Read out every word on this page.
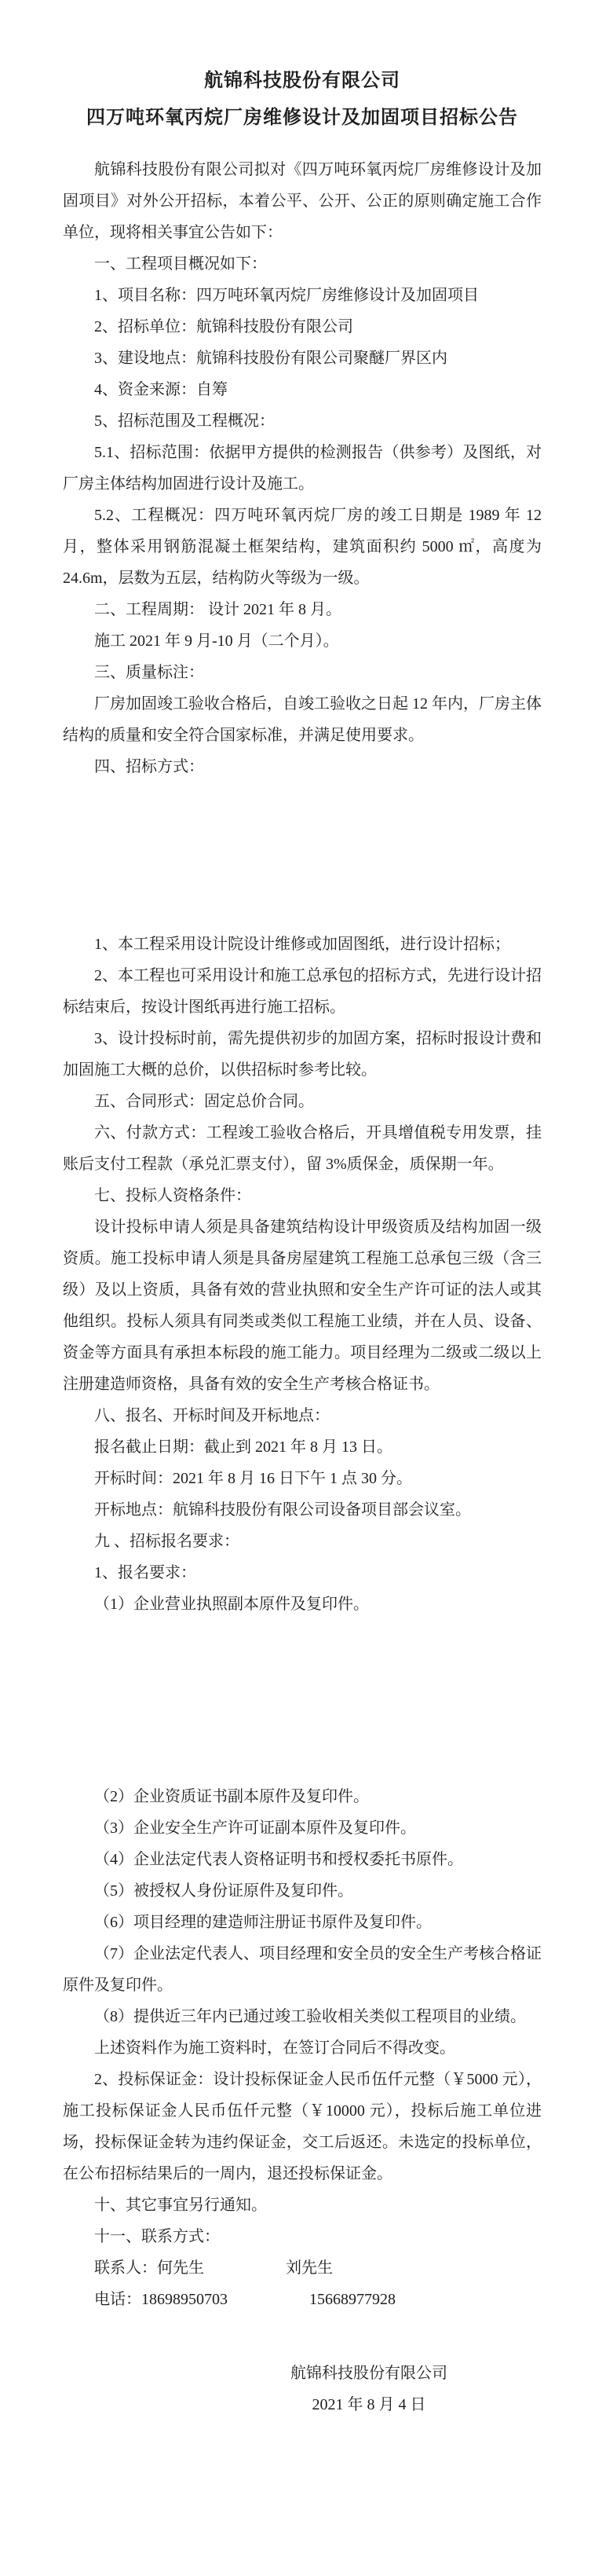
航锦科技股份有限公司
四万吨环氧丙烷厂房维修设计及加固项目招标公告

航锦科技股份有限公司拟对《四万吨环氧丙烷厂房维修设计及加固项目》对外公开招标，本着公平、公开、公正的原则确定施工合作单位，现将相关事宜公告如下：

一、工程项目概况如下：

1、项目名称：四万吨环氧丙烷厂房维修设计及加固项目

2、招标单位：航锦科技股份有限公司

3、建设地点：航锦科技股份有限公司聚醚厂界区内

4、资金来源：自筹

5、招标范围及工程概况：

5.1、招标范围：依据甲方提供的检测报告（供参考）及图纸，对厂房主体结构加固进行设计及施工。

5.2、工程概况：四万吨环氧丙烷厂房的竣工日期是 1989 年 12 月，整体采用钢筋混凝土框架结构，建筑面积约 5000 ㎡，高度为 24.6m，层数为五层，结构防火等级为一级。

二、工程周期： 设计 2021 年 8 月。

施工 2021 年 9 月-10 月（二个月）。

三、质量标注：

厂房加固竣工验收合格后，自竣工验收之日起 12 年内，厂房主体结构的质量和安全符合国家标准，并满足使用要求。

四、招标方式：

1、本工程采用设计院设计维修或加固图纸，进行设计招标；

2、本工程也可采用设计和施工总承包的招标方式，先进行设计招标结束后，按设计图纸再进行施工招标。

3、设计投标时前，需先提供初步的加固方案，招标时报设计费和加固施工大概的总价，以供招标时参考比较。

五、合同形式：固定总价合同。

六、付款方式：工程竣工验收合格后，开具增值税专用发票，挂账后支付工程款（承兑汇票支付），留 3%质保金，质保期一年。

七、投标人资格条件：

设计投标申请人须是具备建筑结构设计甲级资质及结构加固一级资质。施工投标申请人须是具备房屋建筑工程施工总承包三级（含三级）及以上资质，具备有效的营业执照和安全生产许可证的法人或其他组织。投标人须具有同类或类似工程施工业绩，并在人员、设备、资金等方面具有承担本标段的施工能力。项目经理为二级或二级以上注册建造师资格，具备有效的安全生产考核合格证书。

八、报名、开标时间及开标地点：

报名截止日期：截止到 2021 年 8 月 13 日。

开标时间：2021 年 8 月 16 日下午 1 点 30 分。

开标地点：航锦科技股份有限公司设备项目部会议室。

九 、招标报名要求：

1、报名要求：

（1）企业营业执照副本原件及复印件。

（2）企业资质证书副本原件及复印件。

（3）企业安全生产许可证副本原件及复印件。

（4）企业法定代表人资格证明书和授权委托书原件。

（5）被授权人身份证原件及复印件。

（6）项目经理的建造师注册证书原件及复印件。

（7）企业法定代表人、项目经理和安全员的安全生产考核合格证原件及复印件。

（8）提供近三年内已通过竣工验收相关类似工程项目的业绩。

上述资料作为施工资料时，在签订合同后不得改变。

2、投标保证金：设计投标保证金人民币伍仟元整（￥5000 元），施工投标保证金人民币伍仟元整（￥10000 元），投标后施工单位进场，投标保证金转为违约保证金，交工后返还。未选定的投标单位，在公布招标结果后的一周内，退还投标保证金。

十、其它事宜另行通知。

十一、联系方式：

联系人：何先生	刘先生

电话：18698950703	15668977928

航锦科技股份有限公司

2021 年 8 月 4 日
